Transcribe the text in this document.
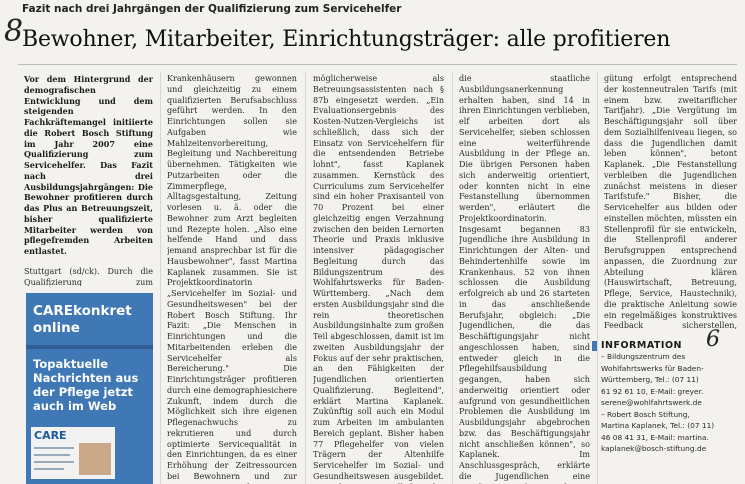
8
Fazit nach drei Jahrgängen der Qualifizierung zum Servicehelfer
Bewohner, Mitarbeiter, Einrichtungsträger: alle profitieren

Vor dem Hintergrund der demografischen Entwicklung und dem steigenden Fachkräftemangel initiierte die Robert Bosch Stiftung im Jahr 2007 eine Qualifizierung zum Servicehelfer. Das Fazit nach drei Ausbildungsjahrgängen: Die Bewohner profitieren durch das Plus an Betreuungszeit, bisher qualifizierte Mitarbeiter werden von pflegefremden Arbeiten entlastet.

Stuttgart (sd/ck). Durch die Qualifizierung zum

Krankenhäusern gewonnen und gleichzeitig zu einem qualifizierten Berufsabschluss geführt werden. In den Einrichtungen sollen sie Aufgaben wie Mahlzeitenvorbereitung, Begleitung und Nachbereitung übernehmen. Tätigkeiten wie Putzarbeiten oder die Zimmerpflege, Alltagsgestaltung, Zeitung vorlesen u. ä. oder die Bewohner zum Arzt begleiten und Rezepte holen. „Also eine helfende Hand und dass jemand ansprechbar ist für die Hausbewohner", fasst Martina Kaplanek zusammen. Sie ist Projektkoordinatorin „Servicehelfer im Sozial- und Gesundheitswesen" bei der Robert Bosch Stiftung. Ihr Fazit: „Die Menschen in Einrichtungen und die Mitarbeitenden erleben die Servicehelfer als Bereicherung." Die Einrichtungsträger profitieren durch eine demographiesichere Zukunft, indem durch die Möglichkeit sich ihre eigenen Pflegenachwuchs zu rekrutieren und durch optimierte Servicequalität in den Einrichtungen, da es einer Erhöhung der Zeitressourcen bei Bewohnern und zur

möglicherweise als Betreuungsassistenten nach § 87b eingesetzt werden. „Ein Evaluationsergebnis des Kosten-Nutzen-Vergleichs ist schließlich, dass sich der Einsatz von Servicehelfern für die entsendenden Betriebe lohnt", fasst Kaplanek zusammen. Kernstück des Curriculums zum Servicehelfer sind ein hoher Praxisanteil von 70 Prozent bei einer gleichzeitig engen Verzahnung zwischen den beiden Lernorten Theorie und Praxis inklusive intensiver pädagogischer Begleitung durch das Bildungszentrum des Wohlfahrtswerks für Baden-Württemberg. „Nach dem ersten Ausbildungsjahr sind die rein theoretischen Ausbildungsinhalte zum großen Teil abgeschlossen, damit ist im zweiten Ausbildungsjahr der Fokus auf der sehr praktischen, an den Fähigkeiten der Jugendlichen orientierten Qualifizierung. Begleitend", erklärt Martina Kaplanek. Zukünftig soll auch ein Modul zum Arbeiten im ambulanten Bereich geplant. Bisher haben 77 Pflegehelfer von vielen Trägern der Altenhilfe Servicehelfer im Sozial- und Gesundheitswesen ausgebildet.

die staatliche Ausbildungsanerkennung erhalten haben, sind 14 in ihren Einrichtungen verblieben, elf arbeiten dort als Servicehelfer, sieben schlossen eine weiterführende Ausbildung in der Pflege an. Die übrigen Personen haben sich anderweitig orientiert, oder konnten nicht in eine Festanstellung übernommen werden", erläutert die Projektkoordinatorin. Insgesamt begannen 83 Jugendliche ihre Ausbildung in Einrichtungen der Alten- und Behindertenhilfe sowie im Krankenhaus. 52 von ihnen schlossen die Ausbildung erfolgreich ab und 26 starteten in das anschließende Berufsjahr, obgleich: „Die Jugendlichen, die das Beschäftigungsjahr nicht angeschlossen haben, sind entweder gleich in die Pflegehilfsausbildung gegangen, haben sich anderweitig orientiert oder aufgrund von gesundheitlichen Problemen die Ausbildung im Ausbildungsjahr abgebrochen bzw. das Beschäftigungsjahr nicht anschließen können", so Kaplanek. Im Anschlussgespräch, erklärte die Jugendlichen eine

gütung erfolgt entsprechend der kostenneutralen Tarifs (mit einem bzw. zweitariflicher Tarifjahr). „Die Vergütung im Beschäftigungsjahr soll über dem Sozialhilfeniveau liegen, so dass die Jugendlichen damit leben können", betont Kaplanek. „Die Festanstellung verbleiben die Jugendlichen zunächst meistens in dieser Tarifstufe." Bisher, die Servicehelfer aus bilden oder einstellen möchten, müssten ein Stellenprofil für sie entwickeln, die Stellenprofil anderer Berufsgruppen entsprechend anpassen, die Zuordnung zur Abteilung klären (Hauswirtschaft, Betreuung, Pflege, Service, Haustechnik), die praktische Anleitung sowie ein regelmäßiges konstruktives Feedback sicherstellen,

CAREkonkret
online
Topaktuelle Nachrichten aus der Pflege jetzt auch im Web
CARE
INFORMATION
– Bildungszentrum des
Wohlfahrtswerks für Baden-
Württemberg, Tel.: (07 11)
61 92 61 10, E-Mail: greyer.
serene@wohlfahrtswerk.de
– Robert Bosch Stiftung,
Martina Kaplanek, Tel.: (07 11)
46 08 41 31, E-Mail: martina.
kaplanek@bosch-stiftung.de
6
